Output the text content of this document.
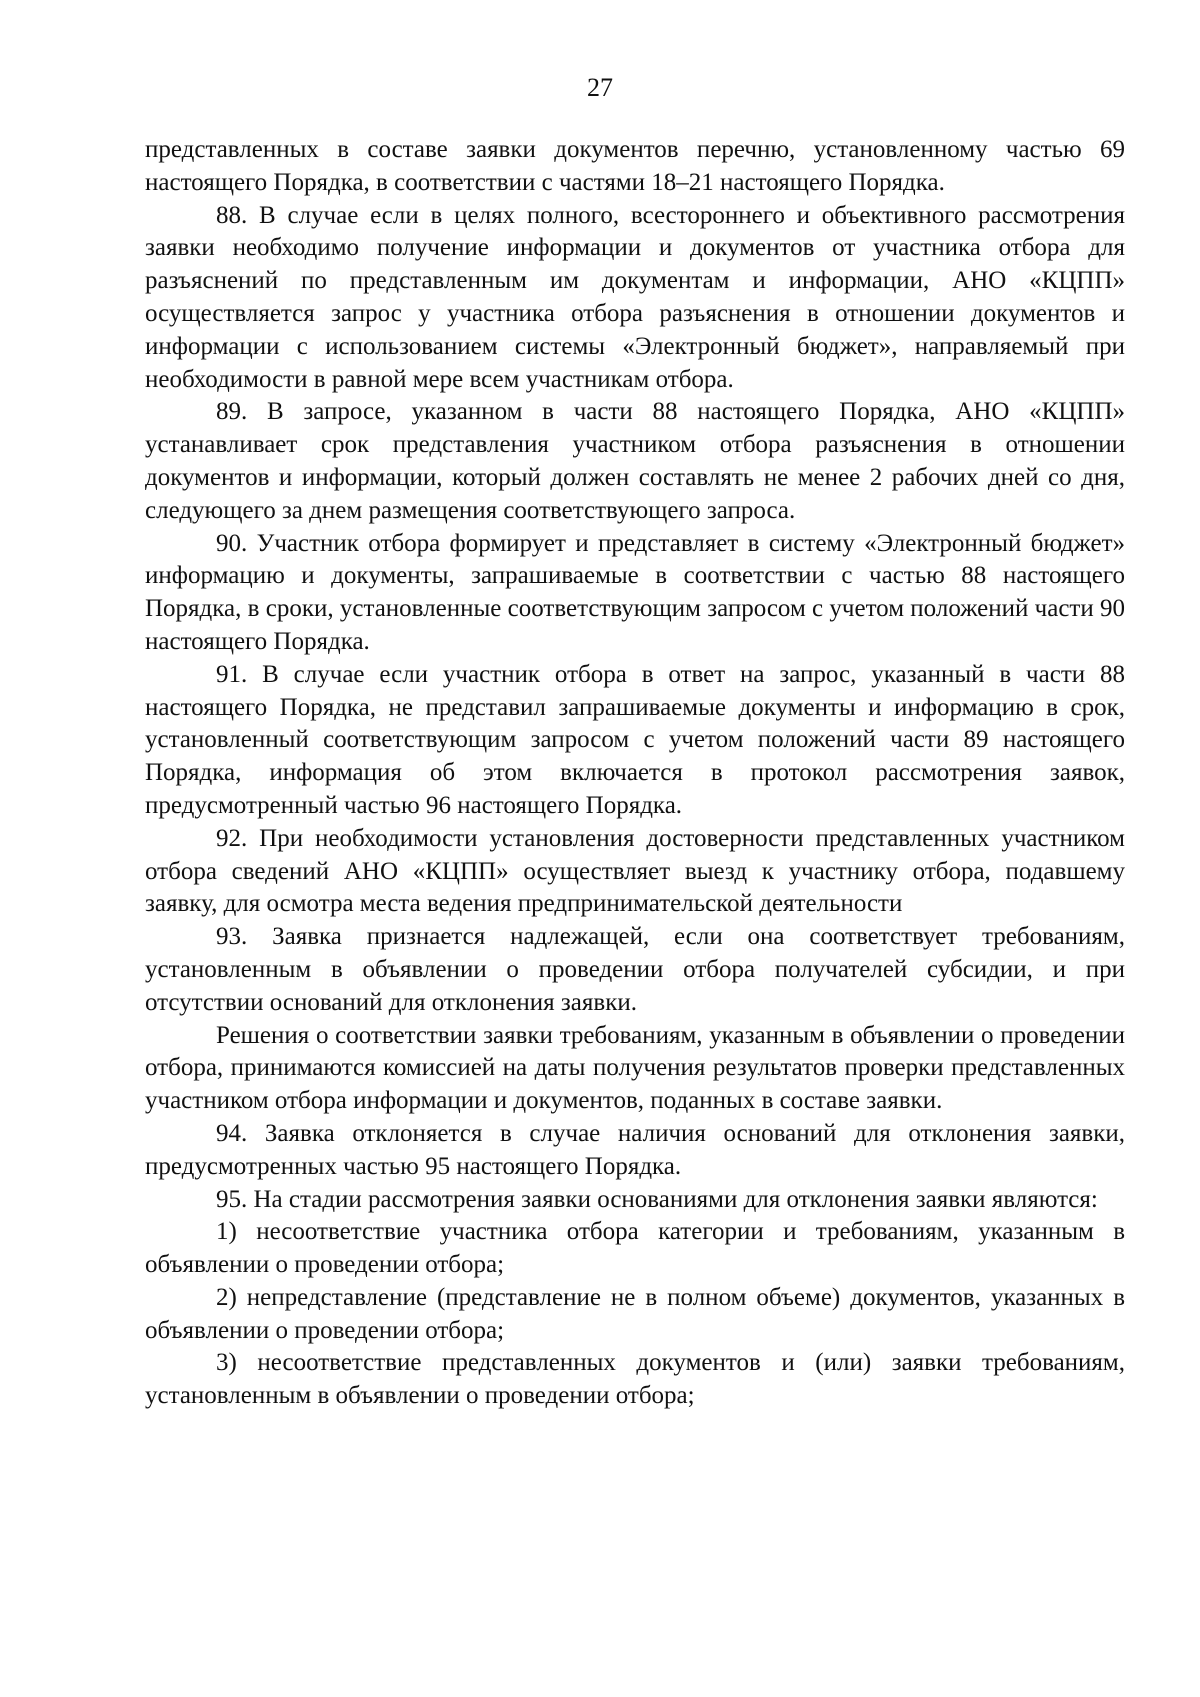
27

представленных в составе заявки документов перечню, установленному частью 69 настоящего Порядка, в соответствии с частями 18–21 настоящего Порядка.

88. В случае если в целях полного, всестороннего и объективного рассмотрения заявки необходимо получение информации и документов от участника отбора для разъяснений по представленным им документам и информации, АНО «КЦПП» осуществляется запрос у участника отбора разъяснения в отношении документов и информации с использованием системы «Электронный бюджет», направляемый при необходимости в равной мере всем участникам отбора.

89. В запросе, указанном в части 88 настоящего Порядка, АНО «КЦПП» устанавливает срок представления участником отбора разъяснения в отношении документов и информации, который должен составлять не менее 2 рабочих дней со дня, следующего за днем размещения соответствующего запроса.

90. Участник отбора формирует и представляет в систему «Электронный бюджет» информацию и документы, запрашиваемые в соответствии с частью 88 настоящего Порядка, в сроки, установленные соответствующим запросом с учетом положений части 90 настоящего Порядка.

91. В случае если участник отбора в ответ на запрос, указанный в части 88 настоящего Порядка, не представил запрашиваемые документы и информацию в срок, установленный соответствующим запросом с учетом положений части 89 настоящего Порядка, информация об этом включается в протокол рассмотрения заявок, предусмотренный частью 96 настоящего Порядка.

92. При необходимости установления достоверности представленных участником отбора сведений АНО «КЦПП» осуществляет выезд к участнику отбора, подавшему заявку, для осмотра места ведения предпринимательской деятельности

93. Заявка признается надлежащей, если она соответствует требованиям, установленным в объявлении о проведении отбора получателей субсидии, и при отсутствии оснований для отклонения заявки.

Решения о соответствии заявки требованиям, указанным в объявлении о проведении отбора, принимаются комиссией на даты получения результатов проверки представленных участником отбора информации и документов, поданных в составе заявки.

94. Заявка отклоняется в случае наличия оснований для отклонения заявки, предусмотренных частью 95 настоящего Порядка.

95. На стадии рассмотрения заявки основаниями для отклонения заявки являются:

1) несоответствие участника отбора категории и требованиям, указанным в объявлении о проведении отбора;

2) непредставление (представление не в полном объеме) документов, указанных в объявлении о проведении отбора;

3) несоответствие представленных документов и (или) заявки требованиям, установленным в объявлении о проведении отбора;
